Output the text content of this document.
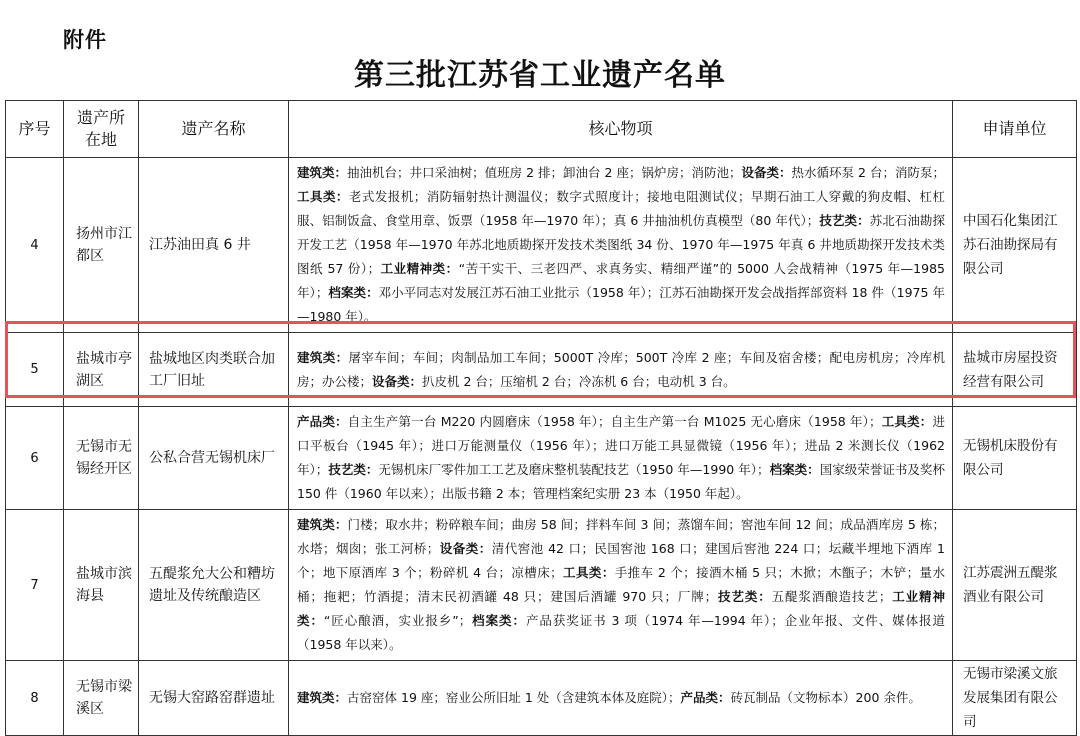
附件
第三批江苏省工业遗产名单
序号	遗产所在地	遗产名称	核心物项	申请单位
4	扬州市江都区	江苏油田真 6 井	建筑类：抽油机台；井口采油树；值班房 2 排；卸油台 2 座；锅炉房；消防池；设备类：热水循环泵 2 台；消防泵；工具类：老式发报机；消防辐射热计测温仪；数字式照度计；接地电阻测试仪；早期石油工人穿戴的狗皮帽、杠杠服、铝制饭盒、食堂用章、饭票（1958 年—1970 年）；真 6 井抽油机仿真模型（80 年代）；技艺类：苏北石油勘探开发工艺（1958 年—1970 年苏北地质勘探开发技术类图纸 34 份、1970 年—1975 年真 6 井地质勘探开发技术类图纸 57 份）；工业精神类：“苦干实干、三老四严、求真务实、精细严谨”的 5000 人会战精神（1975 年—1985 年）；档案类：邓小平同志对发展江苏石油工业批示（1958 年）；江苏石油勘探开发会战指挥部资料 18 件（1975 年—1980 年）。	中国石化集团江苏石油勘探局有限公司
5	盐城市亭湖区	盐城地区肉类联合加工厂旧址	建筑类：屠宰车间；车间；肉制品加工车间；5000T 冷库；500T 冷库 2 座；车间及宿舍楼；配电房机房；冷库机房；办公楼；设备类：扒皮机 2 台；压缩机 2 台；冷冻机 6 台；电动机 3 台。	盐城市房屋投资经营有限公司
6	无锡市无锡经开区	公私合营无锡机床厂	产品类：自主生产第一台 M220 内圆磨床（1958 年）；自主生产第一台 M1025 无心磨床（1958 年）；工具类：进口平板台（1945 年）；进口万能测量仪（1956 年）；进口万能工具显微镜（1956 年）；进品 2 米测长仪（1962 年）；技艺类：无锡机床厂零件加工工艺及磨床整机装配技艺（1950 年—1990 年）；档案类：国家级荣誉证书及奖杯 150 件（1960 年以来）；出版书籍 2 本；管理档案纪实册 23 本（1950 年起）。	无锡机床股份有限公司
7	盐城市滨海县	五醍浆允大公和糟坊遗址及传统酿造区	建筑类：门楼；取水井；粉碎粮车间；曲房 58 间；拌料车间 3 间；蒸馏车间；窖池车间 12 间；成品酒库房 5 栋；水塔；烟囱；张工河桥；设备类：清代窖池 42 口；民国窖池 168 口；建国后窖池 224 口；坛藏半埋地下酒库 1 个；地下原酒库 3 个；粉碎机 4 台；凉槽床；工具类：手推车 2 个；接酒木桶 5 只；木掀；木甑子；木铲；量水桶；拖耙；竹酒提；清末民初酒罐 48 只；建国后酒罐 970 只；厂牌；技艺类：五醍浆酒酿造技艺；工业精神类：“匠心酿酒，实业报乡”；档案类：产品获奖证书 3 项（1974 年—1994 年）；企业年报、文件、媒体报道（1958 年以来）。	江苏震洲五醍浆酒业有限公司
8	无锡市梁溪区	无锡大窑路窑群遗址	建筑类：古窑窑体 19 座；窑业公所旧址 1 处（含建筑本体及庭院）；产品类：砖瓦制品（文物标本）200 余件。	无锡市梁溪文旅发展集团有限公司
